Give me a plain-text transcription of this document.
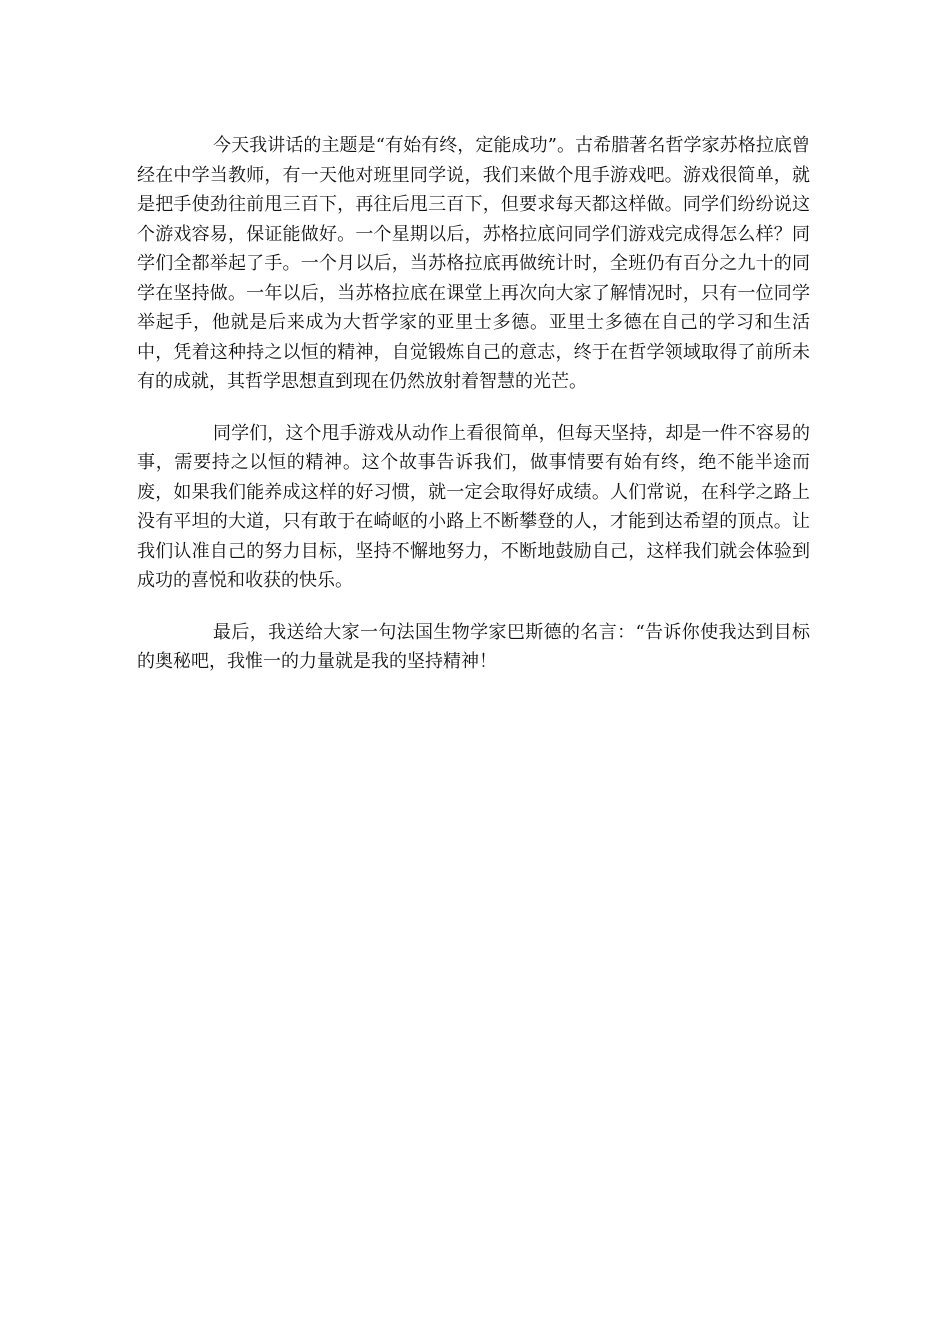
今天我讲话的主题是“有始有终，定能成功”。古希腊著名哲学家苏格拉底曾经在中学当教师，有一天他对班里同学说，我们来做个甩手游戏吧。游戏很简单，就是把手使劲往前甩三百下，再往后甩三百下，但要求每天都这样做。同学们纷纷说这个游戏容易，保证能做好。一个星期以后，苏格拉底问同学们游戏完成得怎么样？同学们全都举起了手。一个月以后，当苏格拉底再做统计时，全班仍有百分之九十的同学在坚持做。一年以后，当苏格拉底在课堂上再次向大家了解情况时，只有一位同学举起手，他就是后来成为大哲学家的亚里士多德。亚里士多德在自己的学习和生活中，凭着这种持之以恒的精神，自觉锻炼自己的意志，终于在哲学领域取得了前所未有的成就，其哲学思想直到现在仍然放射着智慧的光芒。

同学们，这个甩手游戏从动作上看很简单，但每天坚持，却是一件不容易的事，需要持之以恒的精神。这个故事告诉我们，做事情要有始有终，绝不能半途而废，如果我们能养成这样的好习惯，就一定会取得好成绩。人们常说，在科学之路上没有平坦的大道，只有敢于在崎岖的小路上不断攀登的人，才能到达希望的顶点。让我们认准自己的努力目标，坚持不懈地努力，不断地鼓励自己，这样我们就会体验到成功的喜悦和收获的快乐。

最后，我送给大家一句法国生物学家巴斯德的名言：“告诉你使我达到目标的奥秘吧，我惟一的力量就是我的坚持精神！
